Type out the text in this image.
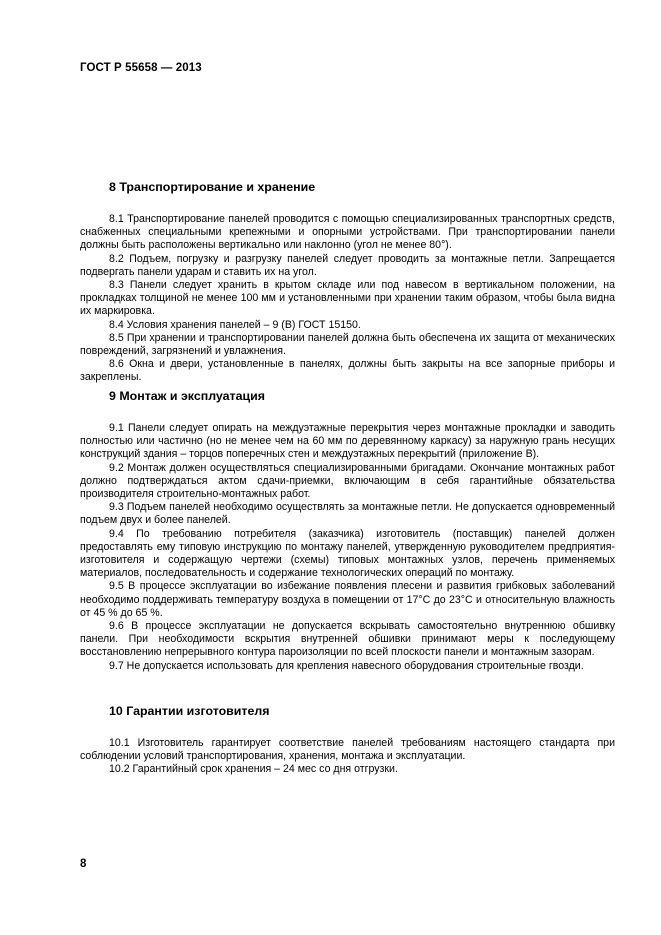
ГОСТ Р 55658 — 2013
8 Транспортирование и хранение

8.1 Транспортирование панелей проводится с помощью специализированных транспортных средств, снабженных специальными крепежными и опорными устройствами. При транспортировании панели должны быть расположены вертикально или наклонно (угол не менее 80°).

8.2 Подъем, погрузку и разгрузку панелей следует проводить за монтажные петли. Запрещается подвергать панели ударам и ставить их на угол.

8.3 Панели следует хранить в крытом складе или под навесом в вертикальном положении, на прокладках толщиной не менее 100 мм и установленными при хранении таким образом, чтобы была видна их маркировка.

8.4 Условия хранения панелей – 9 (В) ГОСТ 15150.

8.5 При хранении и транспортировании панелей должна быть обеспечена их защита от механических повреждений, загрязнений и увлажнения.

8.6 Окна и двери, установленные в панелях, должны быть закрыты на все запорные приборы и закреплены.

9 Монтаж и эксплуатация

9.1 Панели следует опирать на междуэтажные перекрытия через монтажные прокладки и заводить полностью или частично (но не менее чем на 60 мм по деревянному каркасу) за наружную грань несущих конструкций здания – торцов поперечных стен и междуэтажных перекрытий (приложение В).

9.2 Монтаж должен осуществляться специализированными бригадами. Окончание монтажных работ должно подтверждаться актом сдачи-приемки, включающим в себя гарантийные обязательства производителя строительно-монтажных работ.

9.3 Подъем панелей необходимо осуществлять за монтажные петли. Не допускается одновременный подъем двух и более панелей.

9.4 По требованию потребителя (заказчика) изготовитель (поставщик) панелей должен предоставлять ему типовую инструкцию по монтажу панелей, утвержденную руководителем предприятия-изготовителя и содержащую чертежи (схемы) типовых монтажных узлов, перечень применяемых материалов, последовательность и содержание технологических операций по монтажу.

9.5 В процессе эксплуатации во избежание появления плесени и развития грибковых заболеваний необходимо поддерживать температуру воздуха в помещении от 17°C до 23°C и относительную влажность от 45 % до 65 %.

9.6 В процессе эксплуатации не допускается вскрывать самостоятельно внутреннюю обшивку панели. При необходимости вскрытия внутренней обшивки принимают меры к последующему восстановлению непрерывного контура пароизоляции по всей плоскости панели и монтажным зазорам.

9.7 Не допускается использовать для крепления навесного оборудования строительные гвозди.

10 Гарантии изготовителя

10.1 Изготовитель гарантирует соответствие панелей требованиям настоящего стандарта при соблюдении условий транспортирования, хранения, монтажа и эксплуатации.

10.2 Гарантийный срок хранения – 24 мес со дня отгрузки.

8
